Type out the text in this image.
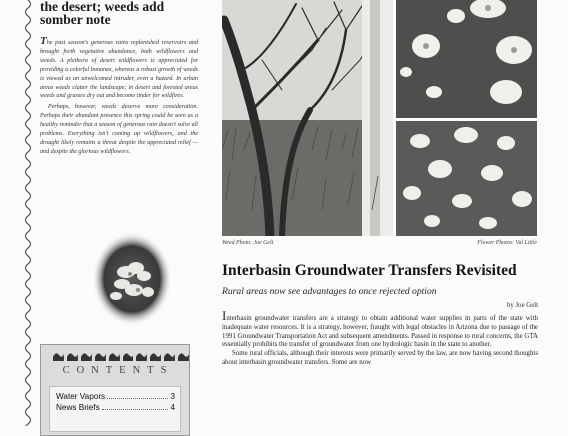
the desert; weeds add somber note

The past season's generous rains replenished reservoirs and brought forth vegetative abundance, both wildflowers and weeds. A plethora of desert wildflowers is appreciated for providing a colorful bonanza, whereas a robust growth of weeds is viewed as an unwelcomed intruder, even a hazard. In urban areas weeds clutter the landscape; in desert and forested areas weeds and grasses dry out and become tinder for wildfires.

Perhaps, however, weeds deserve more consideration. Perhaps their abundant presence this spring could be seen as a healthy reminder that a season of generous rain doesn't solve all problems. Everything isn't coming up wildflowers, and the drought likely remains a threat despite the appreciated relief — and despite the glorious wildflowers.

CONTENTS
Water Vapors	3
News Briefs	4
Weed Photo: Joe Gelt	Flower Photos: Val Little
Interbasin Groundwater Transfers Revisited

Rural areas now see advantages to once rejected option

by Joe Gelt

Interbasin groundwater transfers are a strategy to obtain additional water supplies in parts of the state with inadequate water resources. It is a strategy, however, fraught with legal obstacles in Arizona due to passage of the 1991 Groundwater Transportation Act and subsequent amendments. Passed in response to rural concerns, the GTA essentially prohibits the transfer of groundwater from one hydrologic basin in the state to another.

Some rural officials, although their interests were primarily served by the law, are now having second thoughts about interbasin groundwater transfers. Some are now
